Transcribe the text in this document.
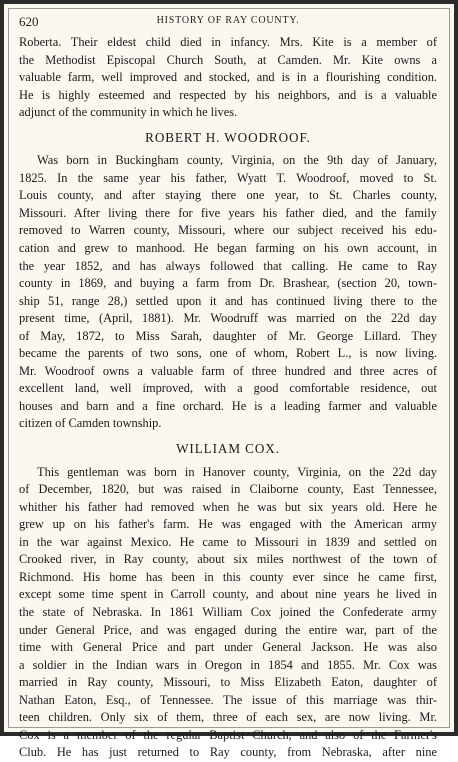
620	HISTORY OF RAY COUNTY.
Roberta. Their eldest child died in infancy. Mrs. Kite is a member of
the Methodist Episcopal Church South, at Camden. Mr. Kite owns a
valuable farm, well improved and stocked, and is in a flourishing condition.
He is highly esteemed and respected by his neighbors, and is a valuable
adjunct of the community in which he lives.
ROBERT H. WOODROOF.
Was born in Buckingham county, Virginia, on the 9th day of January,
1825. In the same year his father, Wyatt T. Woodroof, moved to St.
Louis county, and after staying there one year, to St. Charles county,
Missouri. After living there for five years his father died, and the family
removed to Warren county, Missouri, where our subject received his edu-
cation and grew to manhood. He began farming on his own account, in
the year 1852, and has always followed that calling. He came to Ray
county in 1869, and buying a farm from Dr. Brashear, (section 20, town-
ship 51, range 28,) settled upon it and has continued living there to the
present time, (April, 1881). Mr. Woodruff was married on the 22d day
of May, 1872, to Miss Sarah, daughter of Mr. George Lillard. They
became the parents of two sons, one of whom, Robert L., is now living.
Mr. Woodroof owns a valuable farm of three hundred and three acres of
excellent land, well improved, with a good comfortable residence, out
houses and barn and a fine orchard. He is a leading farmer and valuable
citizen of Camden township.
WILLIAM COX.
This gentleman was born in Hanover county, Virginia, on the 22d day
of December, 1820, but was raised in Claiborne county, East Tennessee,
whither his father had removed when he was but six years old. Here he
grew up on his father's farm. He was engaged with the American army
in the war against Mexico. He came to Missouri in 1839 and settled on
Crooked river, in Ray county, about six miles northwest of the town of
Richmond. His home has been in this county ever since he came first,
except some time spent in Carroll county, and about nine years he lived in
the state of Nebraska. In 1861 William Cox joined the Confederate army
under General Price, and was engaged during the entire war, part of the
time with General Price and part under General Jackson. He was also
a soldier in the Indian wars in Oregon in 1854 and 1855. Mr. Cox was
married in Ray county, Missouri, to Miss Elizabeth Eaton, daughter of
Nathan Eaton, Esq., of Tennessee. The issue of this marriage was thir-
teen children. Only six of them, three of each sex, are now living. Mr.
Cox is a member of the regular Baptist Church, and also of the Farmer's
Club. He has just returned to Ray county, from Nebraska, after nine
